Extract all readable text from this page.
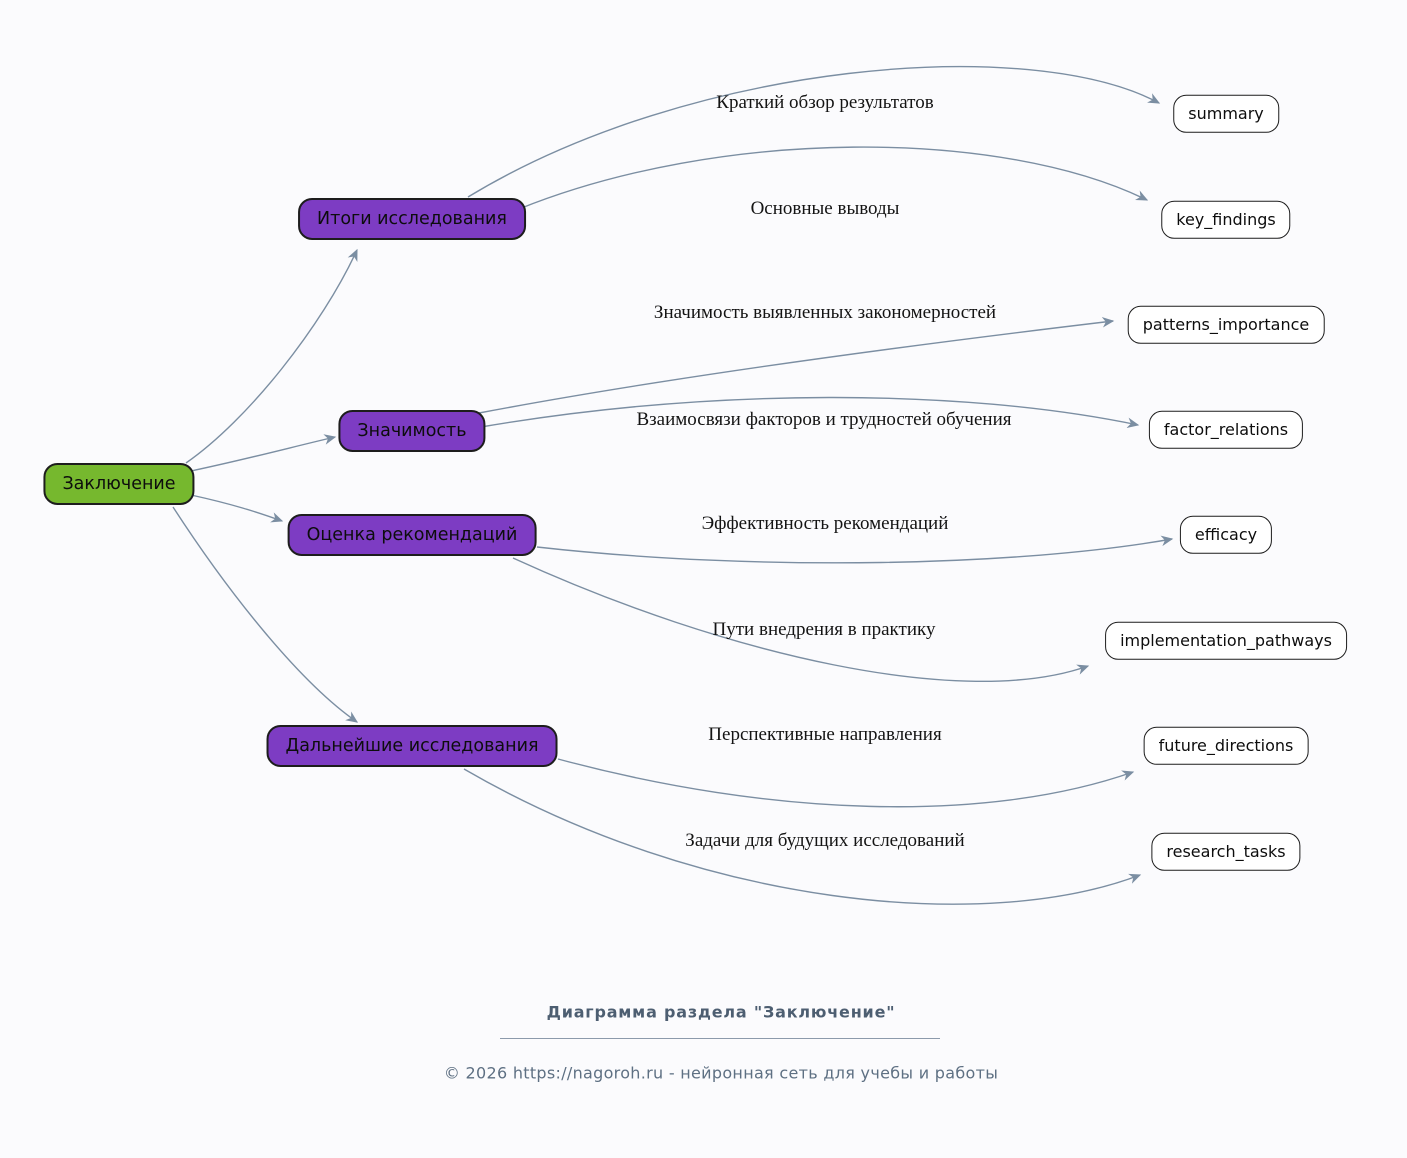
Заключение
Итоги исследования
Значимость
Оценка рекомендаций
Дальнейшие исследования
Краткий обзор результатов
Основные выводы
Значимость выявленных закономерностей
Взаимосвязи факторов и трудностей обучения
Эффективность рекомендаций
Пути внедрения в практику
Перспективные направления
Задачи для будущих исследований
summary
key_findings
patterns_importance
factor_relations
efficacy
implementation_pathways
future_directions
research_tasks
Диаграмма раздела "Заключение"
© 2026 https://nagoroh.ru - нейронная сеть для учебы и работы
